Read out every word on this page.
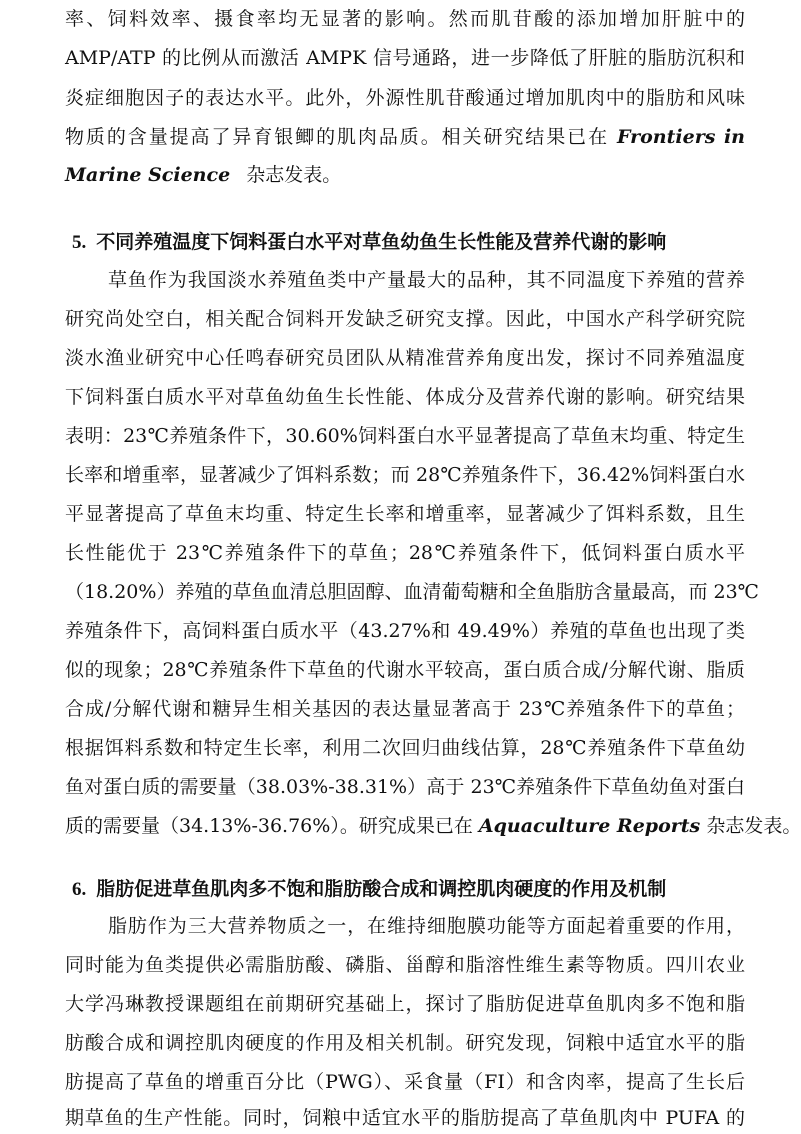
率、饲料效率、摄食率均无显著的影响。然而肌苷酸的添加增加肝脏中的
AMP/ATP 的比例从而激活 AMPK 信号通路，进一步降低了肝脏的脂肪沉积和
炎症细胞因子的表达水平。此外，外源性肌苷酸通过增加肌肉中的脂肪和风味
物质的含量提高了异育银鲫的肌肉品质。相关研究结果已在 Frontiers in
Marine Science 杂志发表。
5. 不同养殖温度下饲料蛋白水平对草鱼幼鱼生长性能及营养代谢的影响
草鱼作为我国淡水养殖鱼类中产量最大的品种，其不同温度下养殖的营养
研究尚处空白，相关配合饲料开发缺乏研究支撑。因此，中国水产科学研究院
淡水渔业研究中心任鸣春研究员团队从精准营养角度出发，探讨不同养殖温度
下饲料蛋白质水平对草鱼幼鱼生长性能、体成分及营养代谢的影响。研究结果
表明：23℃养殖条件下，30.60%饲料蛋白水平显著提高了草鱼末均重、特定生
长率和增重率，显著减少了饵料系数；而 28℃养殖条件下，36.42%饲料蛋白水
平显著提高了草鱼末均重、特定生长率和增重率，显著减少了饵料系数，且生
长性能优于 23℃养殖条件下的草鱼；28℃养殖条件下，低饲料蛋白质水平
（18.20%）养殖的草鱼血清总胆固醇、血清葡萄糖和全鱼脂肪含量最高，而 23℃
养殖条件下，高饲料蛋白质水平（43.27%和 49.49%）养殖的草鱼也出现了类
似的现象；28℃养殖条件下草鱼的代谢水平较高，蛋白质合成/分解代谢、脂质
合成/分解代谢和糖异生相关基因的表达量显著高于 23℃养殖条件下的草鱼；
根据饵料系数和特定生长率，利用二次回归曲线估算，28℃养殖条件下草鱼幼
鱼对蛋白质的需要量（38.03%-38.31%）高于 23℃养殖条件下草鱼幼鱼对蛋白
质的需要量（34.13%-36.76%）。研究成果已在 Aquaculture Reports 杂志发表。
6. 脂肪促进草鱼肌肉多不饱和脂肪酸合成和调控肌肉硬度的作用及机制
脂肪作为三大营养物质之一，在维持细胞膜功能等方面起着重要的作用，
同时能为鱼类提供必需脂肪酸、磷脂、甾醇和脂溶性维生素等物质。四川农业
大学冯琳教授课题组在前期研究基础上，探讨了脂肪促进草鱼肌肉多不饱和脂
肪酸合成和调控肌肉硬度的作用及相关机制。研究发现，饲粮中适宜水平的脂
肪提高了草鱼的增重百分比（PWG）、采食量（FI）和含肉率，提高了生长后
期草鱼的生产性能。同时，饲粮中适宜水平的脂肪提高了草鱼肌肉中 PUFA 的
